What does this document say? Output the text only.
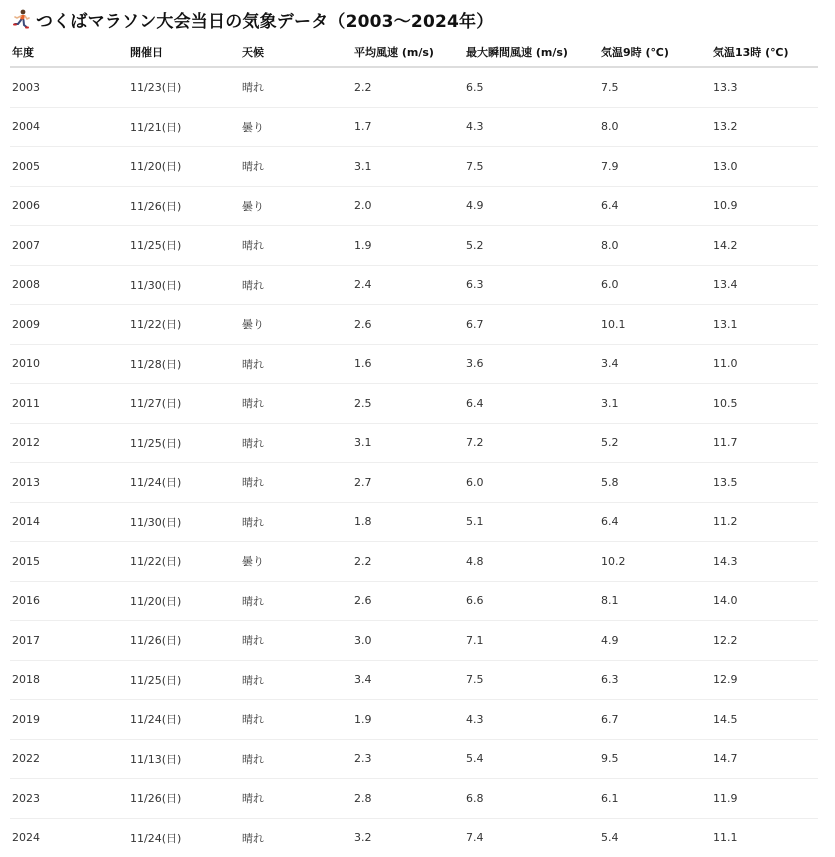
つくばマラソン大会当日の気象データ（2003〜2024年）
年度	開催日	天候	平均風速 (m/s)	最大瞬間風速 (m/s)	気温9時 (℃)	気温13時 (℃)
2003	11/23(日)	晴れ	2.2	6.5	7.5	13.3
2004	11/21(日)	曇り	1.7	4.3	8.0	13.2
2005	11/20(日)	晴れ	3.1	7.5	7.9	13.0
2006	11/26(日)	曇り	2.0	4.9	6.4	10.9
2007	11/25(日)	晴れ	1.9	5.2	8.0	14.2
2008	11/30(日)	晴れ	2.4	6.3	6.0	13.4
2009	11/22(日)	曇り	2.6	6.7	10.1	13.1
2010	11/28(日)	晴れ	1.6	3.6	3.4	11.0
2011	11/27(日)	晴れ	2.5	6.4	3.1	10.5
2012	11/25(日)	晴れ	3.1	7.2	5.2	11.7
2013	11/24(日)	晴れ	2.7	6.0	5.8	13.5
2014	11/30(日)	晴れ	1.8	5.1	6.4	11.2
2015	11/22(日)	曇り	2.2	4.8	10.2	14.3
2016	11/20(日)	晴れ	2.6	6.6	8.1	14.0
2017	11/26(日)	晴れ	3.0	7.1	4.9	12.2
2018	11/25(日)	晴れ	3.4	7.5	6.3	12.9
2019	11/24(日)	晴れ	1.9	4.3	6.7	14.5
2022	11/13(日)	晴れ	2.3	5.4	9.5	14.7
2023	11/26(日)	晴れ	2.8	6.8	6.1	11.9
2024	11/24(日)	晴れ	3.2	7.4	5.4	11.1
